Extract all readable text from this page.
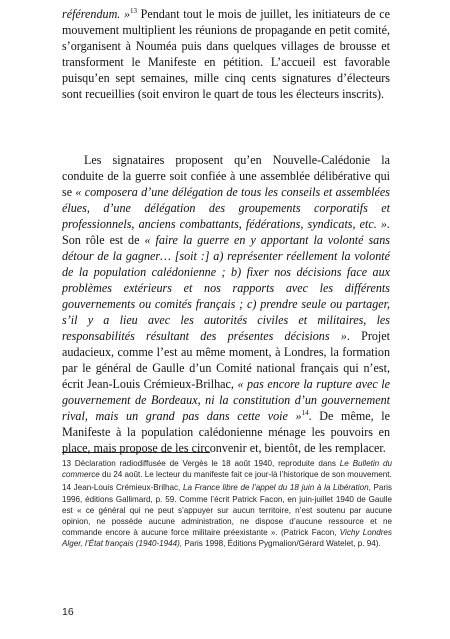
référendum. »$^{13}$ Pendant tout le mois de juillet, les initiateurs de ce mouvement multiplient les réunions de propagande en petit comité, s’organisent à Nouméa puis dans quelques villages de brousse et transforment le Manifeste en pétition. L’accueil est favorable puisqu’en sept semaines, mille cinq cents signatures d’électeurs sont recueillies (soit environ le quart de tous les électeurs inscrits).

Les signataires proposent qu’en Nouvelle-Calédonie la conduite de la guerre soit confiée à une assemblée délibérative qui se « composera d’une délégation de tous les conseils et assemblées élues, d’une délégation des groupements corporatifs et professionnels, anciens combattants, fédérations, syndicats, etc. ». Son rôle est de « faire la guerre en y apportant la volonté sans détour de la gagner… [soit :] a) représenter réellement la volonté de la population calédonienne ; b) fixer nos décisions face aux problèmes extérieurs et nos rapports avec les différents gouvernements ou comités français ; c) prendre seule ou partager, s’il y a lieu avec les autorités civiles et militaires, les responsabilités résultant des présentes décisions ». Projet audacieux, comme l’est au même moment, à Londres, la formation par le général de Gaulle d’un Comité national français qui n’est, écrit Jean-Louis Crémieux-Brilhac, « pas encore la rupture avec le gouvernement de Bordeaux, ni la constitution d’un gouvernement rival, mais un grand pas dans cette voie »$^{14}$. De même, le Manifeste à la population calédonienne ménage les pouvoirs en place, mais propose de les circonvenir et, bientôt, de les remplacer.

13 Déclaration radiodiffusée de Vergès le 18 août 1940, reproduite dans Le Bulletin du commerce du 24 août. Le lecteur du manifeste fait ce jour-là l’historique de son mouvement.

14 Jean-Louis Crémieux-Brilhac, La France libre de l’appel du 18 juin à la Libération, Paris 1996, éditions Gallimard, p. 59. Comme l’écrit Patrick Facon, en juin-juillet 1940 de Gaulle est « ce général qui ne peut s’appuyer sur aucun territoire, n’est soutenu par aucune opinion, ne possède aucune administration, ne dispose d’aucune ressource et ne commande encore à aucune force militaire préexistante ». (Patrick Facon, Vichy Londres Alger, l’État français (1940-1944), Paris 1998, Éditions Pygmalion/Gérard Watelet, p. 94).

16
